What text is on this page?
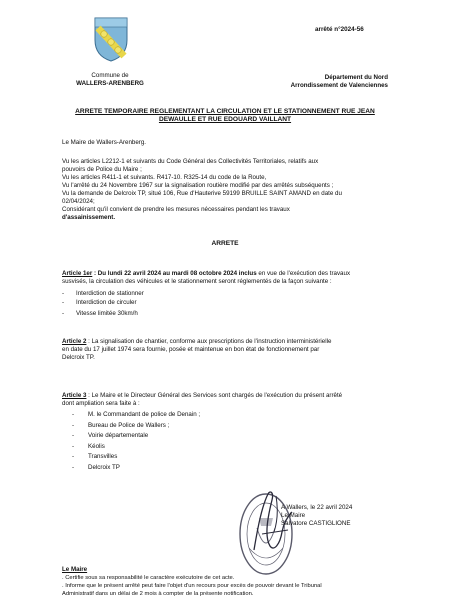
arrêté n°2024-56
Commune de
WALLERS-ARENBERG
Département du Nord
Arrondissement de Valenciennes
ARRETE TEMPORAIRE REGLEMENTANT LA CIRCULATION ET LE STATIONNEMENT RUE JEAN
DEWAULLE ET RUE EDOUARD VAILLANT
Le Maire de Wallers-Arenberg.
Vu les articles L2212-1 et suivants du Code Général des Collectivités Territoriales, relatifs aux
pouvoirs de Police du Maire ;
Vu les articles R411-1 et suivants. R417-10. R325-14 du code de la Route,
Vu l'arrêté du 24 Novembre 1967 sur la signalisation routière modifié par des arrêtés subséquents ;
Vu la demande de Delcroix TP, situé 106, Rue d'Hauterive 59199 BRUILLE SAINT AMAND en date du
02/04/2024;
Considérant qu'il convient de prendre les mesures nécessaires pendant les travaux
d'assainissement.
ARRETE
Article 1er : Du lundi 22 avril 2024 au mardi 08 octobre 2024 inclus en vue de l'exécution des travaux
susvisés, la circulation des véhicules et le stationnement seront réglementés de la façon suivante :
- Interdiction de stationner
- Interdiction de circuler
- Vitesse limitée 30km/h
Article 2 : La signalisation de chantier, conforme aux prescriptions de l'instruction interministérielle
en date du 17 juillet 1974 sera fournie, posée et maintenue en bon état de fonctionnement par
Delcroix TP.
Article 3 : Le Maire et le Directeur Général des Services sont chargés de l'exécution du présent arrêté
dont ampliation sera faite à :
- M. le Commandant de police de Denain ;
- Bureau de Police de Wallers ;
- Voirie départementale
- Kéolis
- Transvilles
- Delcroix TP
A Wallers, le 22 avril 2024
Le Maire
Salvatore CASTIGLIONE
Le Maire
. Certifie sous sa responsabilité le caractère exécutoire de cet acte.
. Informe que le présent arrêté peut faire l'objet d'un recours pour excès de pouvoir devant le Tribunal
Administratif dans un délai de 2 mois à compter de la présente notification.
